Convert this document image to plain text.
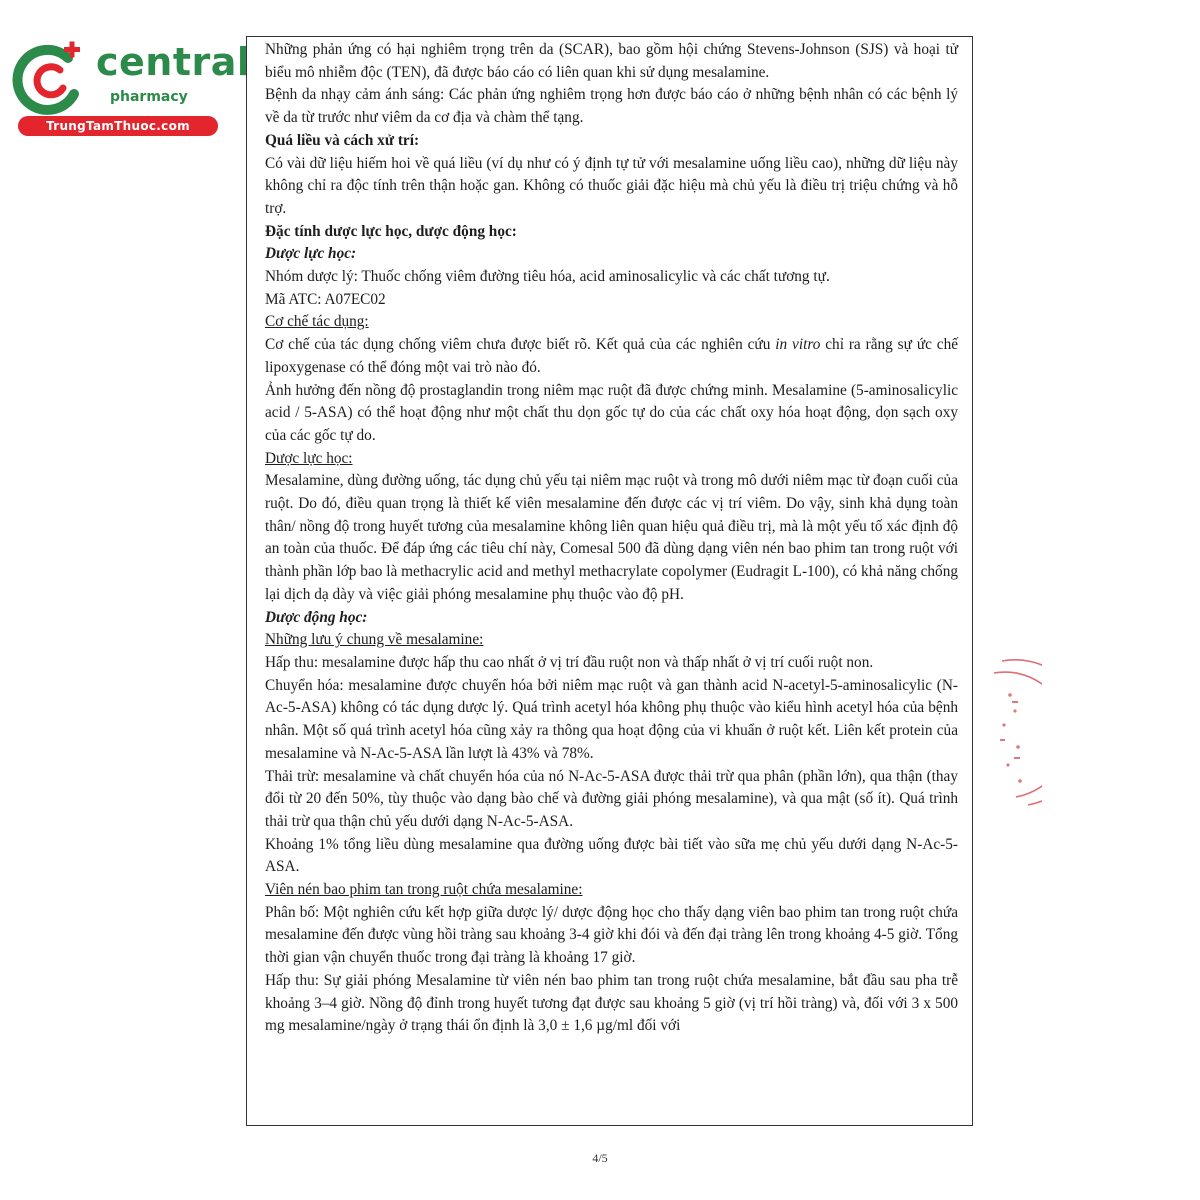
central
pharmacy
TrungTamThuoc.com

Những phản ứng có hại nghiêm trọng trên da (SCAR), bao gồm hội chứng Stevens-Johnson (SJS) và hoại tử biểu mô nhiễm độc (TEN), đã được báo cáo có liên quan khi sử dụng mesalamine.

Bệnh da nhạy cảm ánh sáng: Các phản ứng nghiêm trọng hơn được báo cáo ở những bệnh nhân có các bệnh lý về da từ trước như viêm da cơ địa và chàm thể tạng.

Quá liều và cách xử trí:

Có vài dữ liệu hiếm hoi về quá liều (ví dụ như có ý định tự tử với mesalamine uống liều cao), những dữ liệu này không chỉ ra độc tính trên thận hoặc gan. Không có thuốc giải đặc hiệu mà chủ yếu là điều trị triệu chứng và hỗ trợ.

Đặc tính dược lực học, dược động học:

Dược lực học:

Nhóm dược lý: Thuốc chống viêm đường tiêu hóa, acid aminosalicylic và các chất tương tự.

Mã ATC: A07EC02

Cơ chế tác dụng:

Cơ chế của tác dụng chống viêm chưa được biết rõ. Kết quả của các nghiên cứu in vitro chỉ ra rằng sự ức chế lipoxygenase có thể đóng một vai trò nào đó.

Ảnh hưởng đến nồng độ prostaglandin trong niêm mạc ruột đã được chứng minh. Mesalamine (5-aminosalicylic acid / 5-ASA) có thể hoạt động như một chất thu dọn gốc tự do của các chất oxy hóa hoạt động, dọn sạch oxy của các gốc tự do.

Dược lực học:

Mesalamine, dùng đường uống, tác dụng chủ yếu tại niêm mạc ruột và trong mô dưới niêm mạc từ đoạn cuối của ruột. Do đó, điều quan trọng là thiết kế viên mesalamine đến được các vị trí viêm. Do vậy, sinh khả dụng toàn thân/ nồng độ trong huyết tương của mesalamine không liên quan hiệu quả điều trị, mà là một yếu tố xác định độ an toàn của thuốc. Để đáp ứng các tiêu chí này, Comesal 500 đã dùng dạng viên nén bao phim tan trong ruột với thành phần lớp bao là methacrylic acid and methyl methacrylate copolymer (Eudragit L-100), có khả năng chống lại dịch dạ dày và việc giải phóng mesalamine phụ thuộc vào độ pH.

Dược động học:

Những lưu ý chung về mesalamine:

Hấp thu: mesalamine được hấp thu cao nhất ở vị trí đầu ruột non và thấp nhất ở vị trí cuối ruột non.

Chuyển hóa: mesalamine được chuyển hóa bởi niêm mạc ruột và gan thành acid N-acetyl-5-aminosalicylic (N-Ac-5-ASA) không có tác dụng dược lý. Quá trình acetyl hóa không phụ thuộc vào kiểu hình acetyl hóa của bệnh nhân. Một số quá trình acetyl hóa cũng xảy ra thông qua hoạt động của vi khuẩn ở ruột kết. Liên kết protein của mesalamine và N-Ac-5-ASA lần lượt là 43% và 78%.

Thải trừ: mesalamine và chất chuyển hóa của nó N-Ac-5-ASA được thải trừ qua phân (phần lớn), qua thận (thay đổi từ 20 đến 50%, tùy thuộc vào dạng bào chế và đường giải phóng mesalamine), và qua mật (số ít). Quá trình thải trừ qua thận chủ yếu dưới dạng N-Ac-5-ASA.

Khoảng 1% tổng liều dùng mesalamine qua đường uống được bài tiết vào sữa mẹ chủ yếu dưới dạng N-Ac-5-ASA.

Viên nén bao phim tan trong ruột chứa mesalamine:

Phân bố: Một nghiên cứu kết hợp giữa dược lý/ dược động học cho thấy dạng viên bao phim tan trong ruột chứa mesalamine đến được vùng hồi tràng sau khoảng 3-4 giờ khi đói và đến đại tràng lên trong khoảng 4-5 giờ. Tổng thời gian vận chuyển thuốc trong đại tràng là khoảng 17 giờ.

Hấp thu: Sự giải phóng Mesalamine từ viên nén bao phim tan trong ruột chứa mesalamine, bắt đầu sau pha trễ khoảng 3–4 giờ. Nồng độ đỉnh trong huyết tương đạt được sau khoảng 5 giờ (vị trí hồi tràng) và, đối với 3 x 500 mg mesalamine/ngày ở trạng thái ổn định là 3,0 ± 1,6 µg/ml đối với

4/5
